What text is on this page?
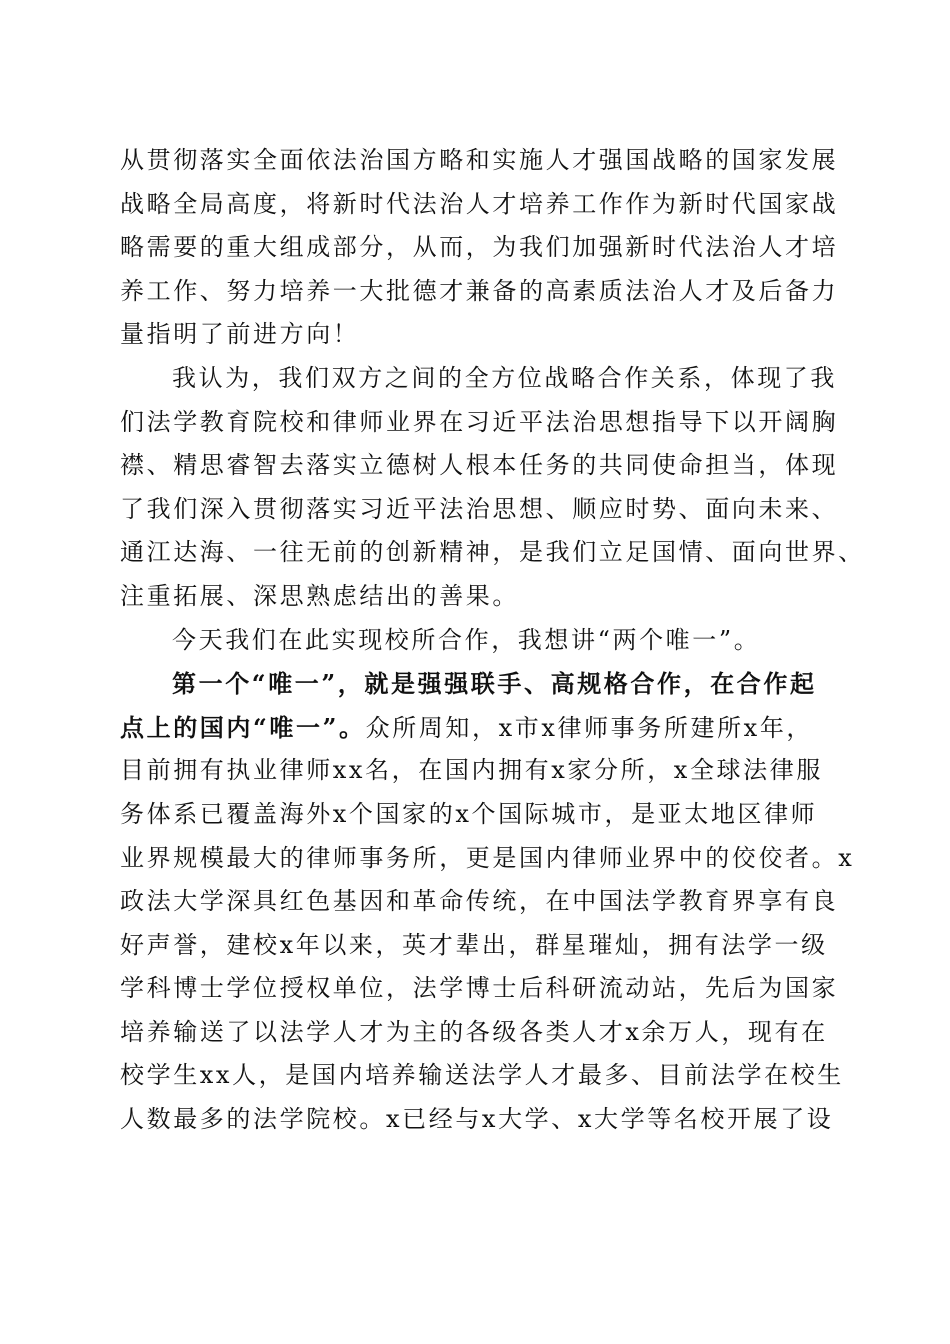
从贯彻落实全面依法治国方略和实施人才强国战略的国家发展
战略全局高度，将新时代法治人才培养工作作为新时代国家战
略需要的重大组成部分，从而，为我们加强新时代法治人才培
养工作、努力培养一大批德才兼备的高素质法治人才及后备力
量指明了前进方向！
我认为，我们双方之间的全方位战略合作关系，体现了我
们法学教育院校和律师业界在习近平法治思想指导下以开阔胸
襟、精思睿智去落实立德树人根本任务的共同使命担当，体现
了我们深入贯彻落实习近平法治思想、顺应时势、面向未来、
通江达海、一往无前的创新精神，是我们立足国情、面向世界、
注重拓展、深思熟虑结出的善果。
今天我们在此实现校所合作，我想讲“两个唯一”。
第一个“唯一”，就是强强联手、高规格合作，在合作起
点上的国内“唯一”。众所周知，x市x律师事务所建所x年，
目前拥有执业律师xx名，在国内拥有x家分所，x全球法律服
务体系已覆盖海外x个国家的x个国际城市，是亚太地区律师
业界规模最大的律师事务所，更是国内律师业界中的佼佼者。x
政法大学深具红色基因和革命传统，在中国法学教育界享有良
好声誉，建校x年以来，英才辈出，群星璀灿，拥有法学一级
学科博士学位授权单位，法学博士后科研流动站，先后为国家
培养输送了以法学人才为主的各级各类人才x余万人，现有在
校学生xx人，是国内培养输送法学人才最多、目前法学在校生
人数最多的法学院校。x已经与x大学、x大学等名校开展了设
